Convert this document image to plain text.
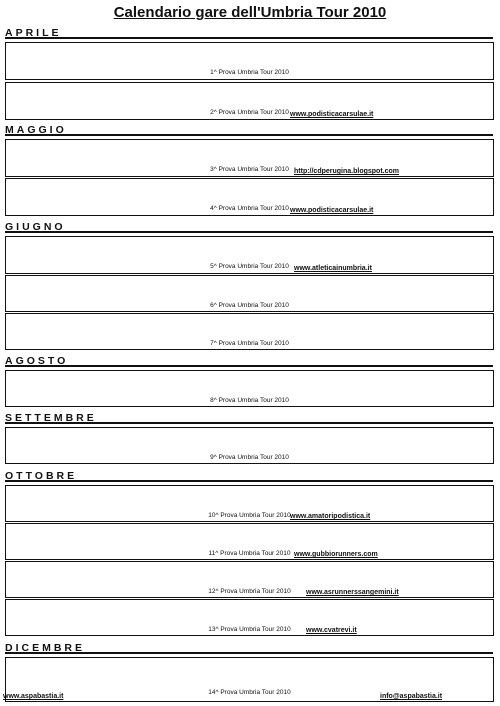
Calendario gare dell'Umbria Tour 2010
APRILE
1^ Prova Umbria Tour 2010
2^ Prova Umbria Tour 2010 www.podisticacarsulae.it
MAGGIO
3^ Prova Umbria Tour 2010 http://cdperugina.blogspot.com
4^ Prova Umbria Tour 2010 www.podisticacarsulae.it
GIUGNO
5^ Prova Umbria Tour 2010 www.atleticainumbria.it
6^ Prova Umbria Tour 2010
7^ Prova Umbria Tour 2010
AGOSTO
8^ Prova Umbria Tour 2010
SETTEMBRE
9^ Prova Umbria Tour 2010
OTTOBRE
10^ Prova Umbria Tour 2010 www.amatoripodistica.it
11^ Prova Umbria Tour 2010 www.gubbiorunners.com
12^ Prova Umbria Tour 2010	www.asrunnerssangemini.it
13^ Prova Umbria Tour 2010	www.cvatrevi.it
DICEMBRE
14^ Prova Umbria Tour 2010
www.aspabastia.it	info@aspabastia.it
